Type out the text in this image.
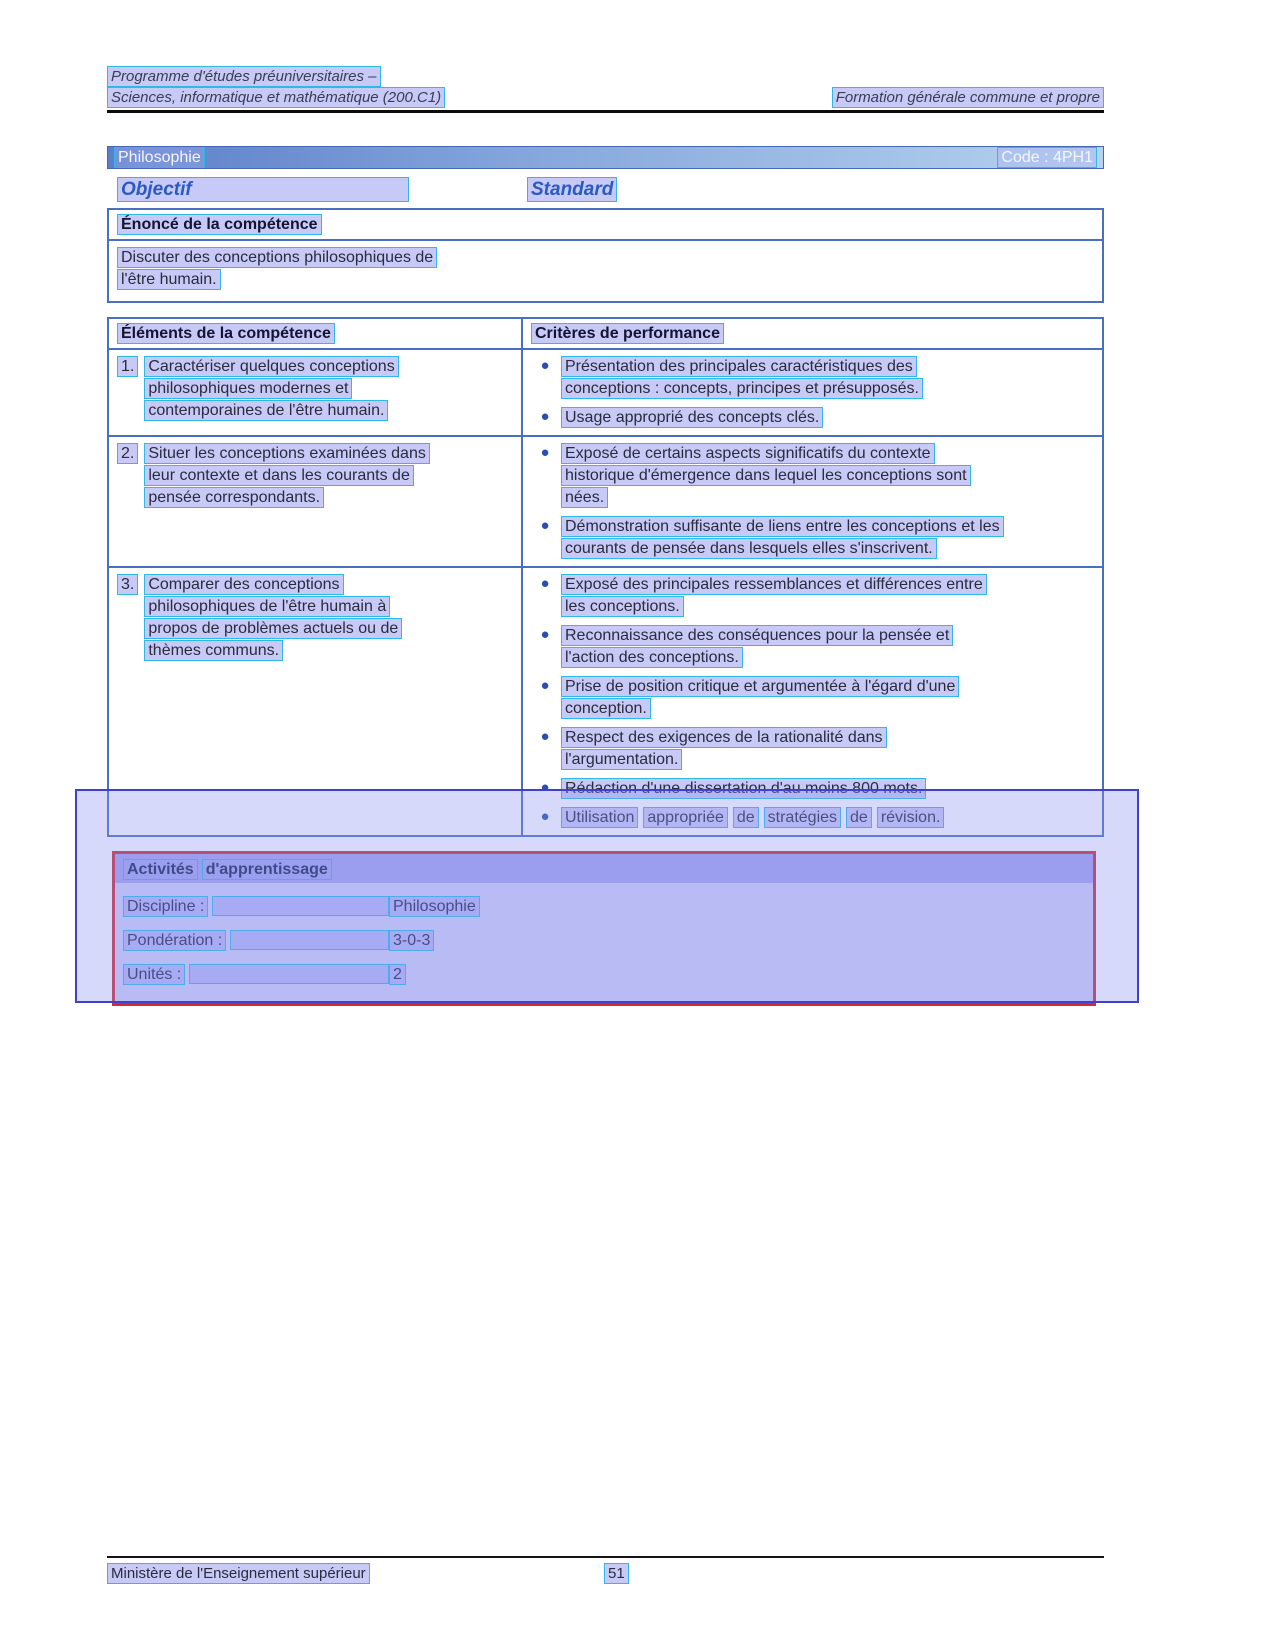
Programme d'études préuniversitaires –
Sciences, informatique et mathématique (200.C1)	Formation générale commune et propre
Philosophie	Code : 4PH1
Objectif	Standard
Énoncé de la compétence
Discuter des conceptions philosophiques de
l'être humain.
Éléments de la compétence	Critères de performance
1. Caractériser quelques conceptions
philosophiques modernes et
contemporaines de l'être humain.
● Présentation des principales caractéristiques des
conceptions : concepts, principes et présupposés.
● Usage approprié des concepts clés.
2. Situer les conceptions examinées dans
leur contexte et dans les courants de
pensée correspondants.
● Exposé de certains aspects significatifs du contexte
historique d'émergence dans lequel les conceptions sont
nées.
● Démonstration suffisante de liens entre les conceptions et les
courants de pensée dans lesquels elles s'inscrivent.
3. Comparer des conceptions
philosophiques de l'être humain à
propos de problèmes actuels ou de
thèmes communs.
● Exposé des principales ressemblances et différences entre
les conceptions.
● Reconnaissance des conséquences pour la pensée et
l'action des conceptions.
● Prise de position critique et argumentée à l'égard d'une
conception.
● Respect des exigences de la rationalité dans
l'argumentation.
● Rédaction d'une dissertation d'au moins 800 mots.
● Utilisation appropriée de stratégies de révision.
Activités d'apprentissage
Discipline :	Philosophie
Pondération :	3-0-3
Unités :	2
Ministère de l'Enseignement supérieur	51
